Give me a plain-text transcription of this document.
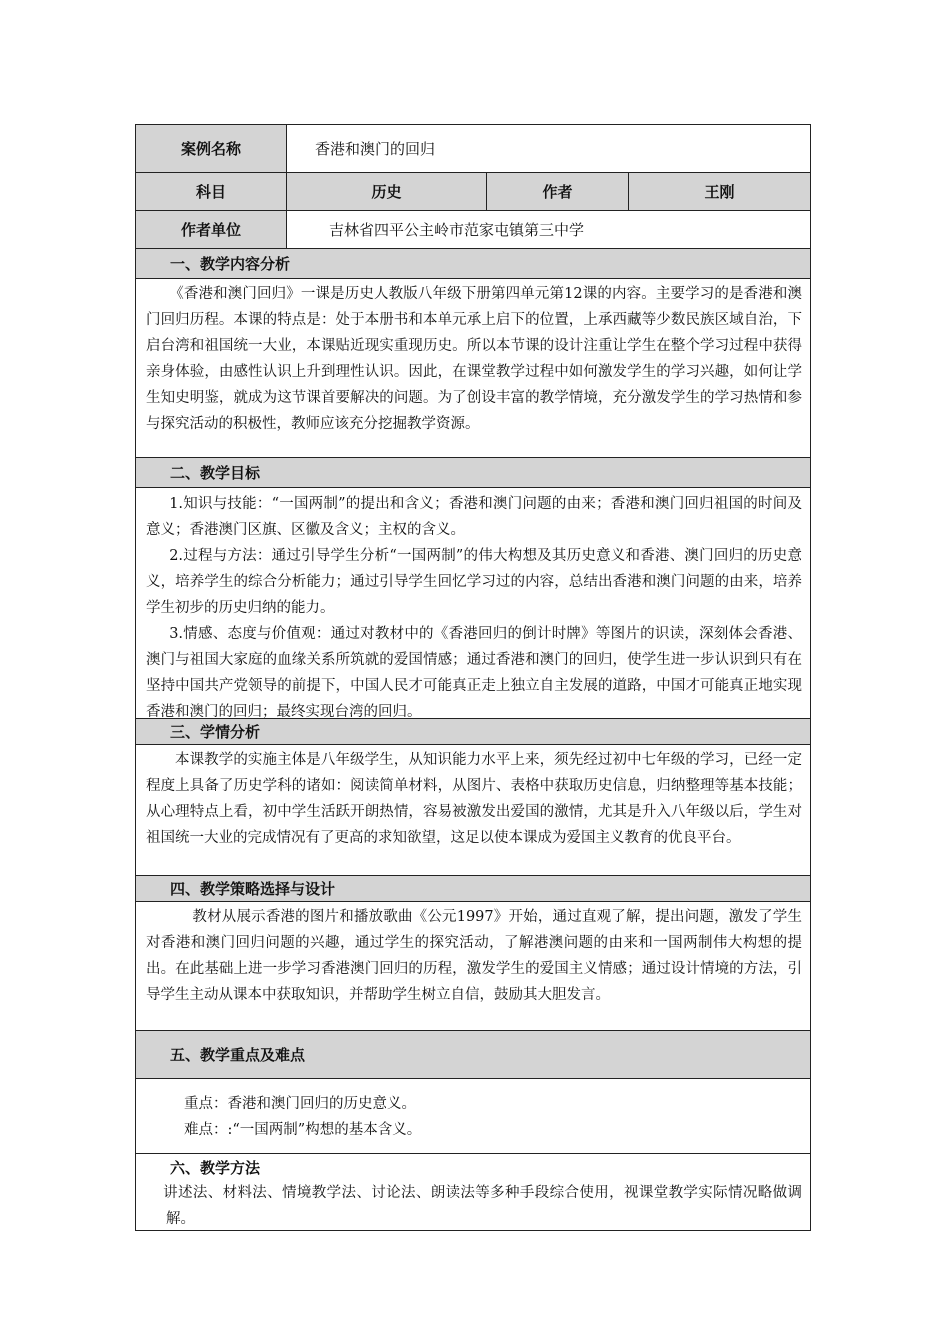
案例名称	香港和澳门的回归
科目	历史	作者	王刚
作者单位	吉林省四平公主岭市范家屯镇第三中学
一、教学内容分析

《香港和澳门回归》一课是历史人教版八年级下册第四单元第12课的内容。主要学习的是香港和澳门回归历程。本课的特点是：处于本册书和本单元承上启下的位置，上承西藏等少数民族区域自治，下启台湾和祖国统一大业，本课贴近现实重现历史。所以本节课的设计注重让学生在整个学习过程中获得亲身体验，由感性认识上升到理性认识。因此，在课堂教学过程中如何激发学生的学习兴趣，如何让学生知史明鉴，就成为这节课首要解决的问题。为了创设丰富的教学情境，充分激发学生的学习热情和参与探究活动的积极性，教师应该充分挖掘教学资源。

二、教学目标

1.知识与技能：“一国两制”的提出和含义；香港和澳门问题的由来；香港和澳门回归祖国的时间及意义；香港澳门区旗、区徽及含义；主权的含义。

2.过程与方法：通过引导学生分析“一国两制”的伟大构想及其历史意义和香港、澳门回归的历史意义，培养学生的综合分析能力；通过引导学生回忆学习过的内容，总结出香港和澳门问题的由来，培养学生初步的历史归纳的能力。

3.情感、态度与价值观：通过对教材中的《香港回归的倒计时牌》等图片的识读，深刻体会香港、澳门与祖国大家庭的血缘关系所筑就的爱国情感；通过香港和澳门的回归，使学生进一步认识到只有在坚持中国共产党领导的前提下，中国人民才可能真正走上独立自主发展的道路，中国才可能真正地实现香港和澳门的回归；最终实现台湾的回归。

三、学情分析

本课教学的实施主体是八年级学生，从知识能力水平上来，须先经过初中七年级的学习，已经一定程度上具备了历史学科的诸如：阅读简单材料，从图片、表格中获取历史信息，归纳整理等基本技能；从心理特点上看，初中学生活跃开朗热情，容易被激发出爱国的激情，尤其是升入八年级以后，学生对祖国统一大业的完成情况有了更高的求知欲望，这足以使本课成为爱国主义教育的优良平台。

四、教学策略选择与设计

教材从展示香港的图片和播放歌曲《公元1997》开始，通过直观了解，提出问题，激发了学生对香港和澳门回归问题的兴趣，通过学生的探究活动，了解港澳问题的由来和一国两制伟大构想的提出。在此基础上进一步学习香港澳门回归的历程，激发学生的爱国主义情感；通过设计情境的方法，引导学生主动从课本中获取知识，并帮助学生树立自信，鼓励其大胆发言。

五、教学重点及难点

重点：香港和澳门回归的历史意义。

难点：:“一国两制”构想的基本含义。

六、教学方法

讲述法、材料法、情境教学法、讨论法、朗读法等多种手段综合使用，视课堂教学实际情况略做调解。
